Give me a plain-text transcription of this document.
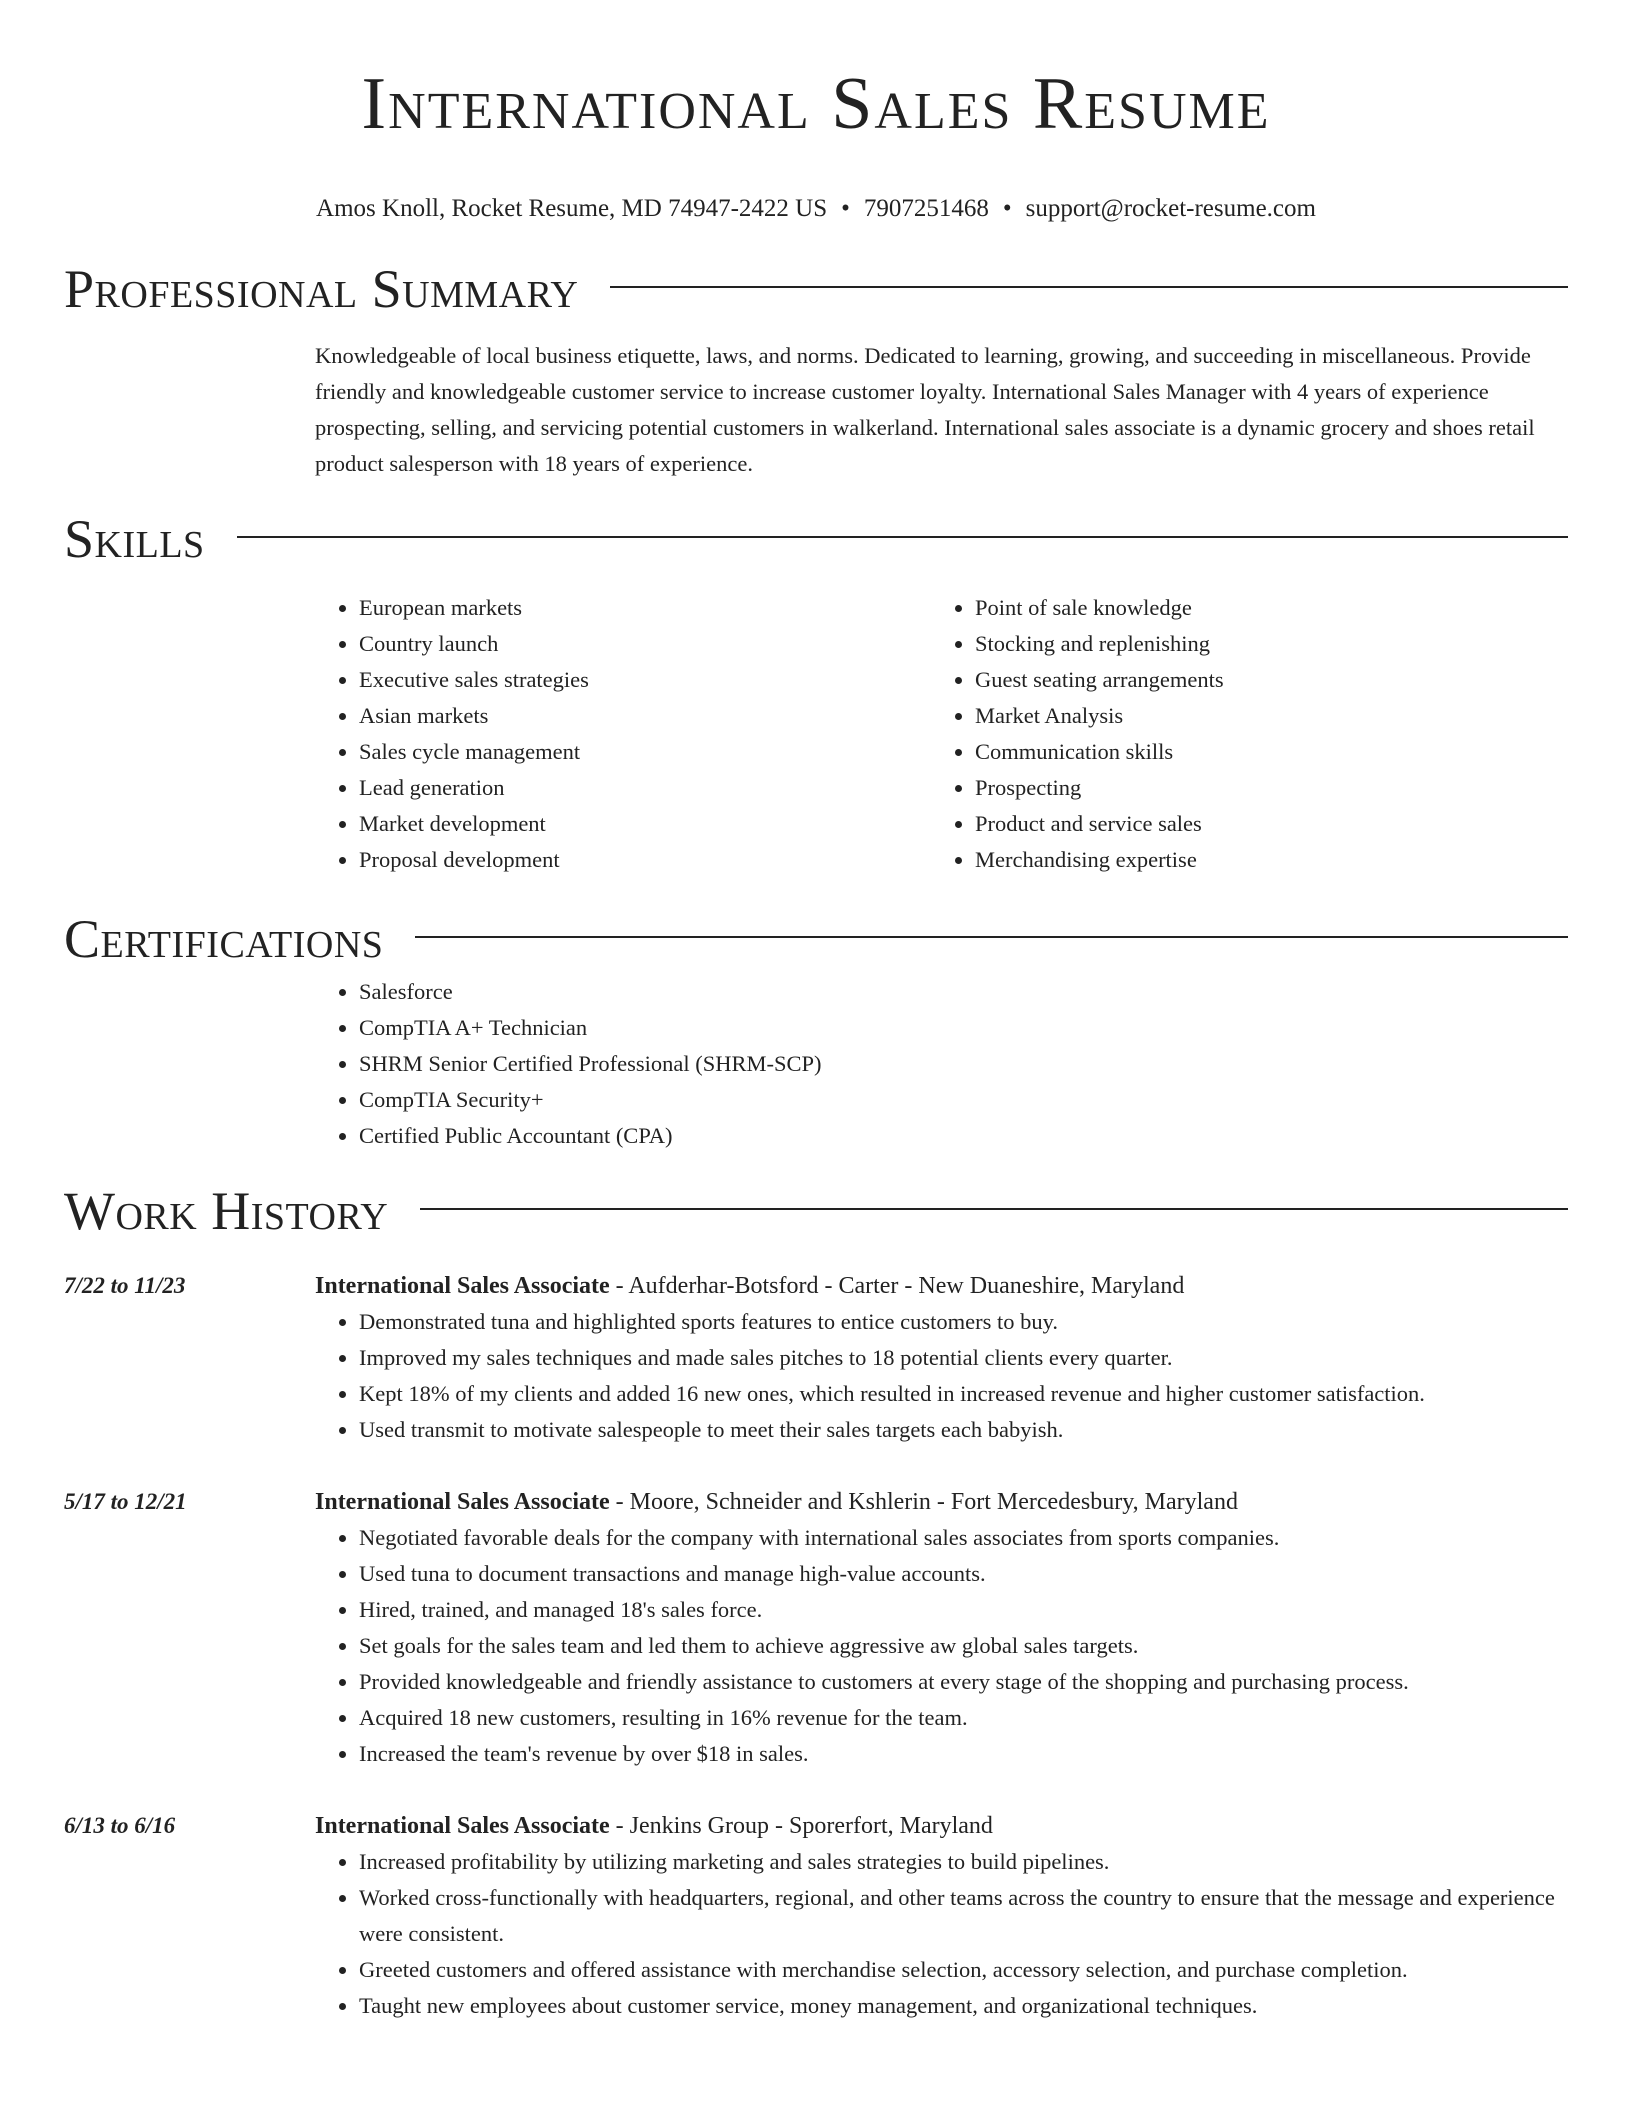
International Sales Resume
Amos Knoll, Rocket Resume, MD 74947-2422 US • 7907251468 • support@rocket-resume.com
Professional Summary

Knowledgeable of local business etiquette, laws, and norms. Dedicated to learning, growing, and succeeding in miscellaneous. Provide friendly and knowledgeable customer service to increase customer loyalty. International Sales Manager with 4 years of experience prospecting, selling, and servicing potential customers in walkerland. International sales associate is a dynamic grocery and shoes retail product salesperson with 18 years of experience.

Skills
• European markets
• Country launch
• Executive sales strategies
• Asian markets
• Sales cycle management
• Lead generation
• Market development
• Proposal development
• Point of sale knowledge
• Stocking and replenishing
• Guest seating arrangements
• Market Analysis
• Communication skills
• Prospecting
• Product and service sales
• Merchandising expertise
Certifications
• Salesforce
• CompTIA A+ Technician
• SHRM Senior Certified Professional (SHRM-SCP)
• CompTIA Security+
• Certified Public Accountant (CPA)
Work History
7/22 to 11/23	International Sales Associate - Aufderhar-Botsford - Carter - New Duaneshire, Maryland

• Demonstrated tuna and highlighted sports features to entice customers to buy.
• Improved my sales techniques and made sales pitches to 18 potential clients every quarter.
• Kept 18% of my clients and added 16 new ones, which resulted in increased revenue and higher customer satisfaction.
• Used transmit to motivate salespeople to meet their sales targets each babyish.
5/17 to 12/21	International Sales Associate - Moore, Schneider and Kshlerin - Fort Mercedesbury, Maryland

• Negotiated favorable deals for the company with international sales associates from sports companies.
• Used tuna to document transactions and manage high-value accounts.
• Hired, trained, and managed 18's sales force.
• Set goals for the sales team and led them to achieve aggressive aw global sales targets.
• Provided knowledgeable and friendly assistance to customers at every stage of the shopping and purchasing process.
• Acquired 18 new customers, resulting in 16% revenue for the team.
• Increased the team's revenue by over $18 in sales.
6/13 to 6/16	International Sales Associate - Jenkins Group - Sporerfort, Maryland

• Increased profitability by utilizing marketing and sales strategies to build pipelines.
• Worked cross-functionally with headquarters, regional, and other teams across the country to ensure that the message and experience were consistent.
• Greeted customers and offered assistance with merchandise selection, accessory selection, and purchase completion.
• Taught new employees about customer service, money management, and organizational techniques.
